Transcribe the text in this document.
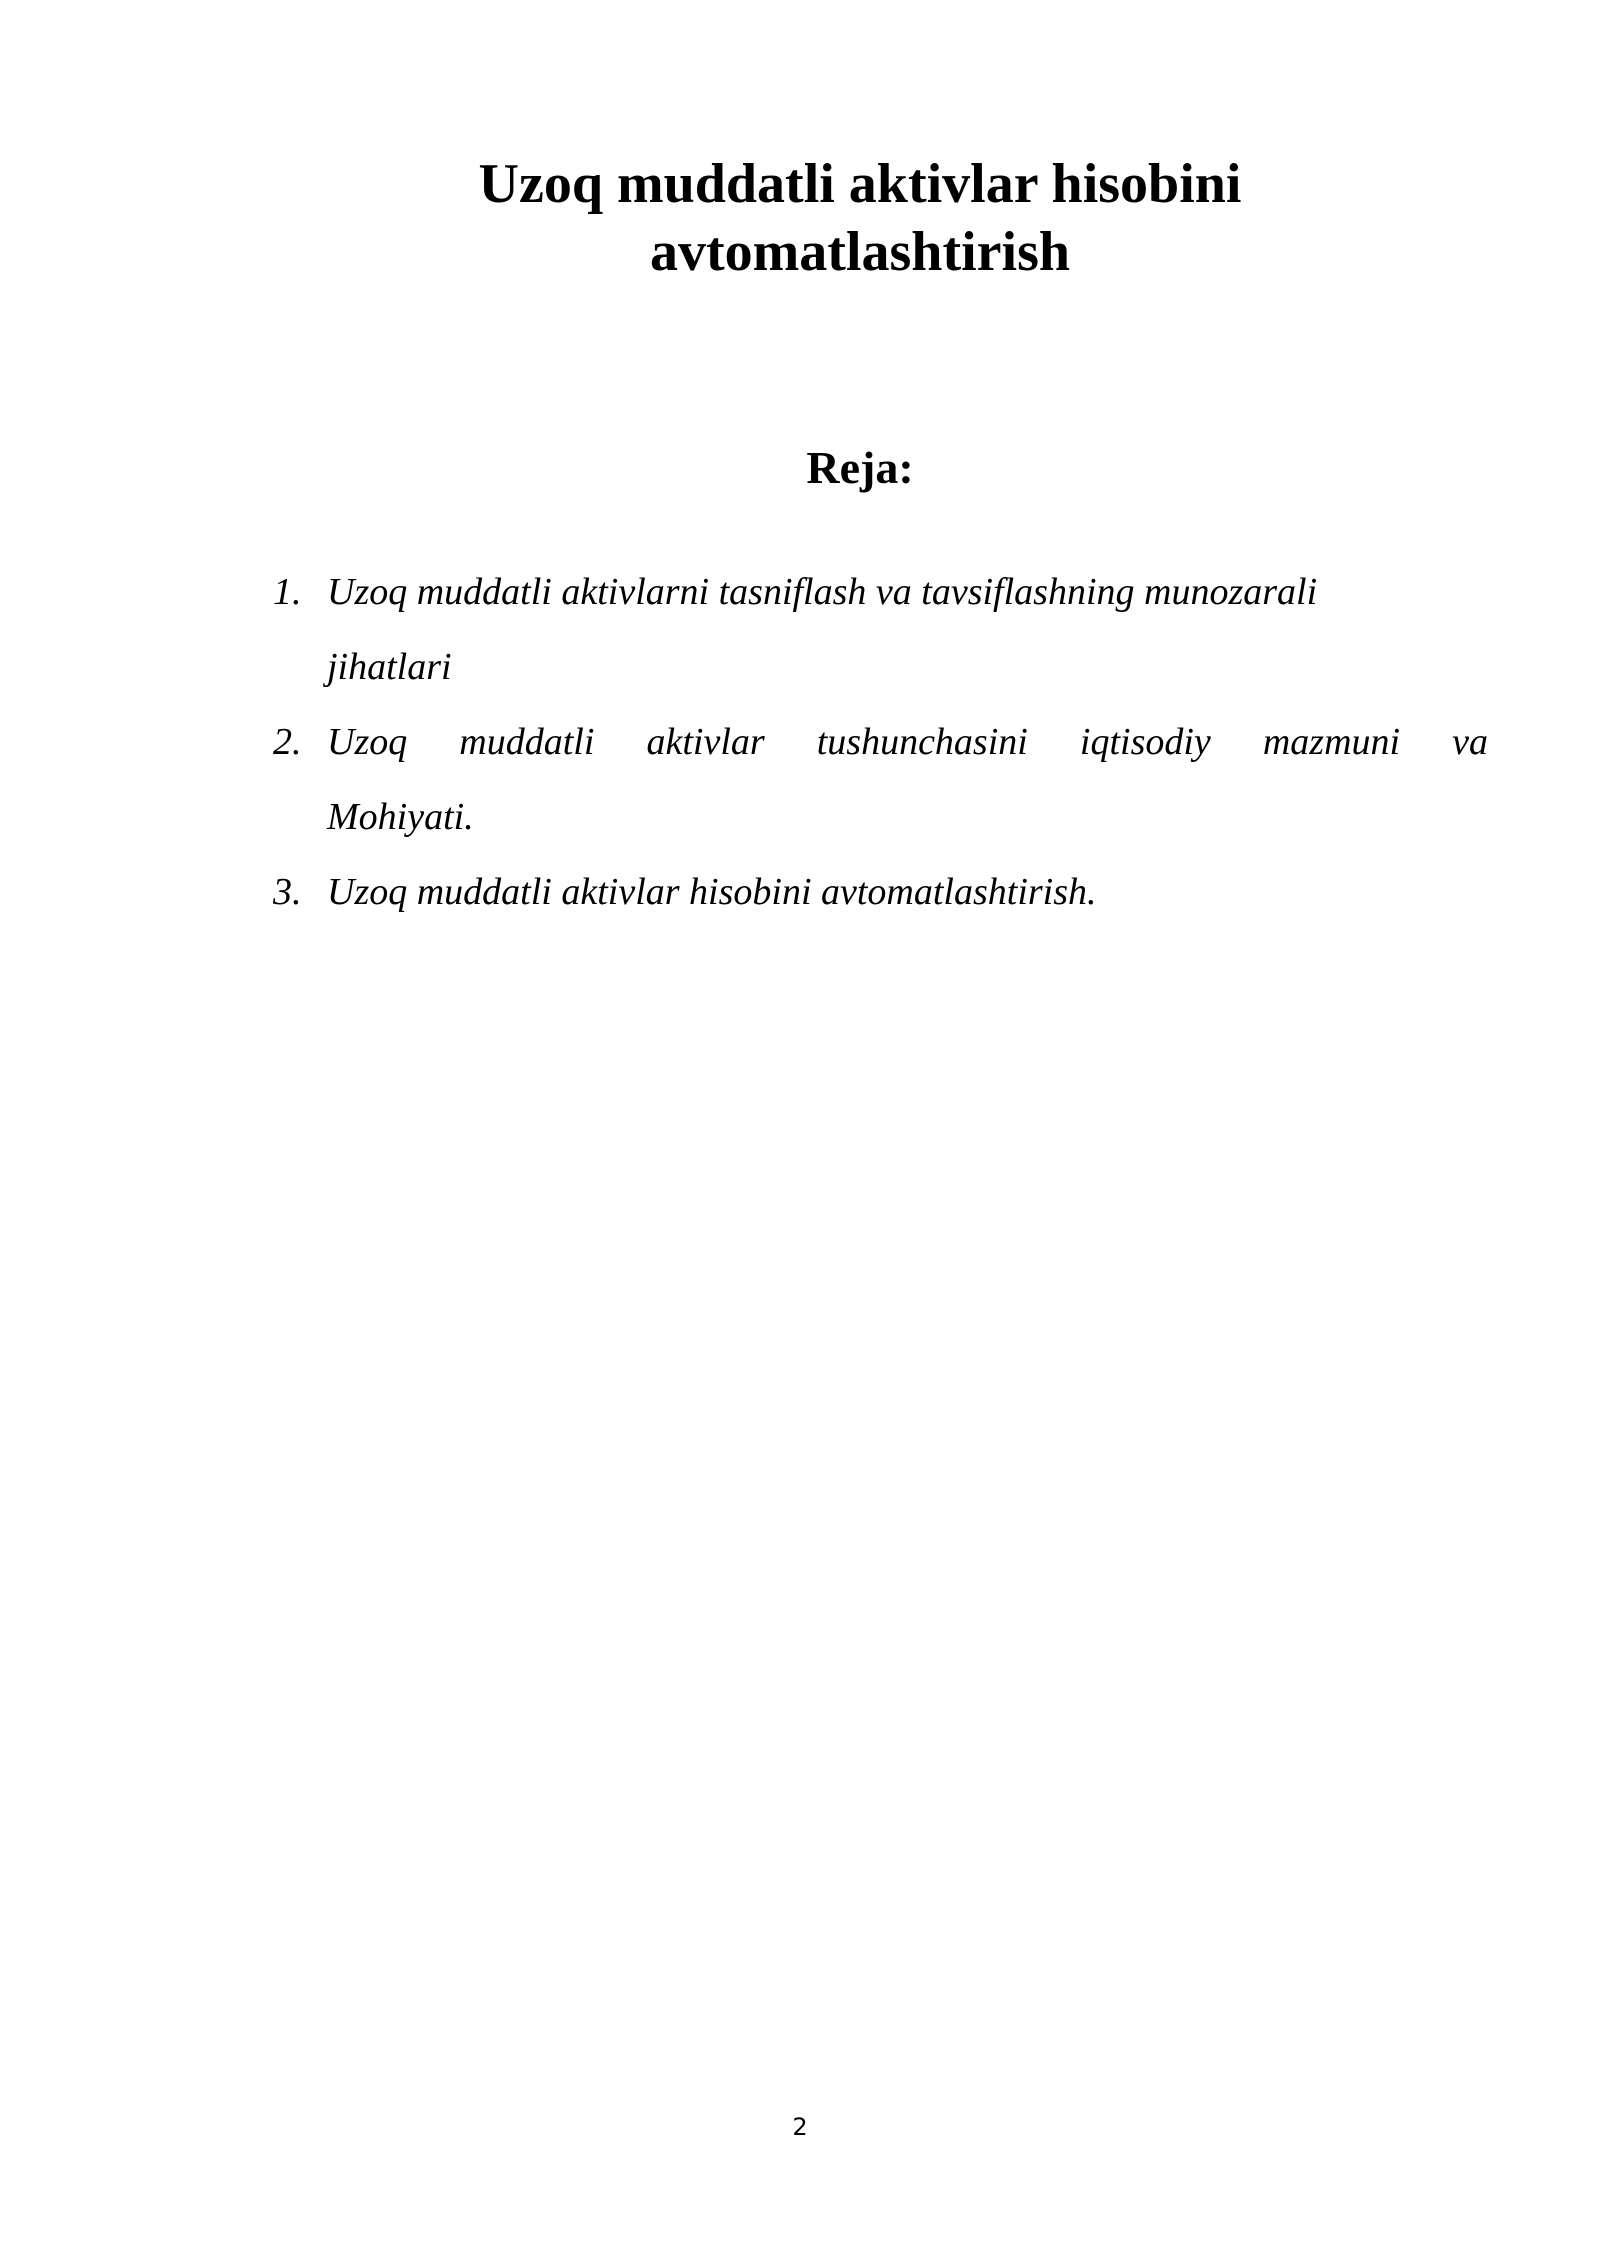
Uzoq muddatli aktivlar hisobini
avtomatlashtirish
Reja:
1. Uzoq muddatli aktivlarni tasniflash va tavsiflashning munozarali
jihatlari
2. Uzoq muddatli aktivlar tushunchasini iqtisodiy mazmuni va
Mohiyati.
3. Uzoq muddatli aktivlar hisobini avtomatlashtirish.
2
